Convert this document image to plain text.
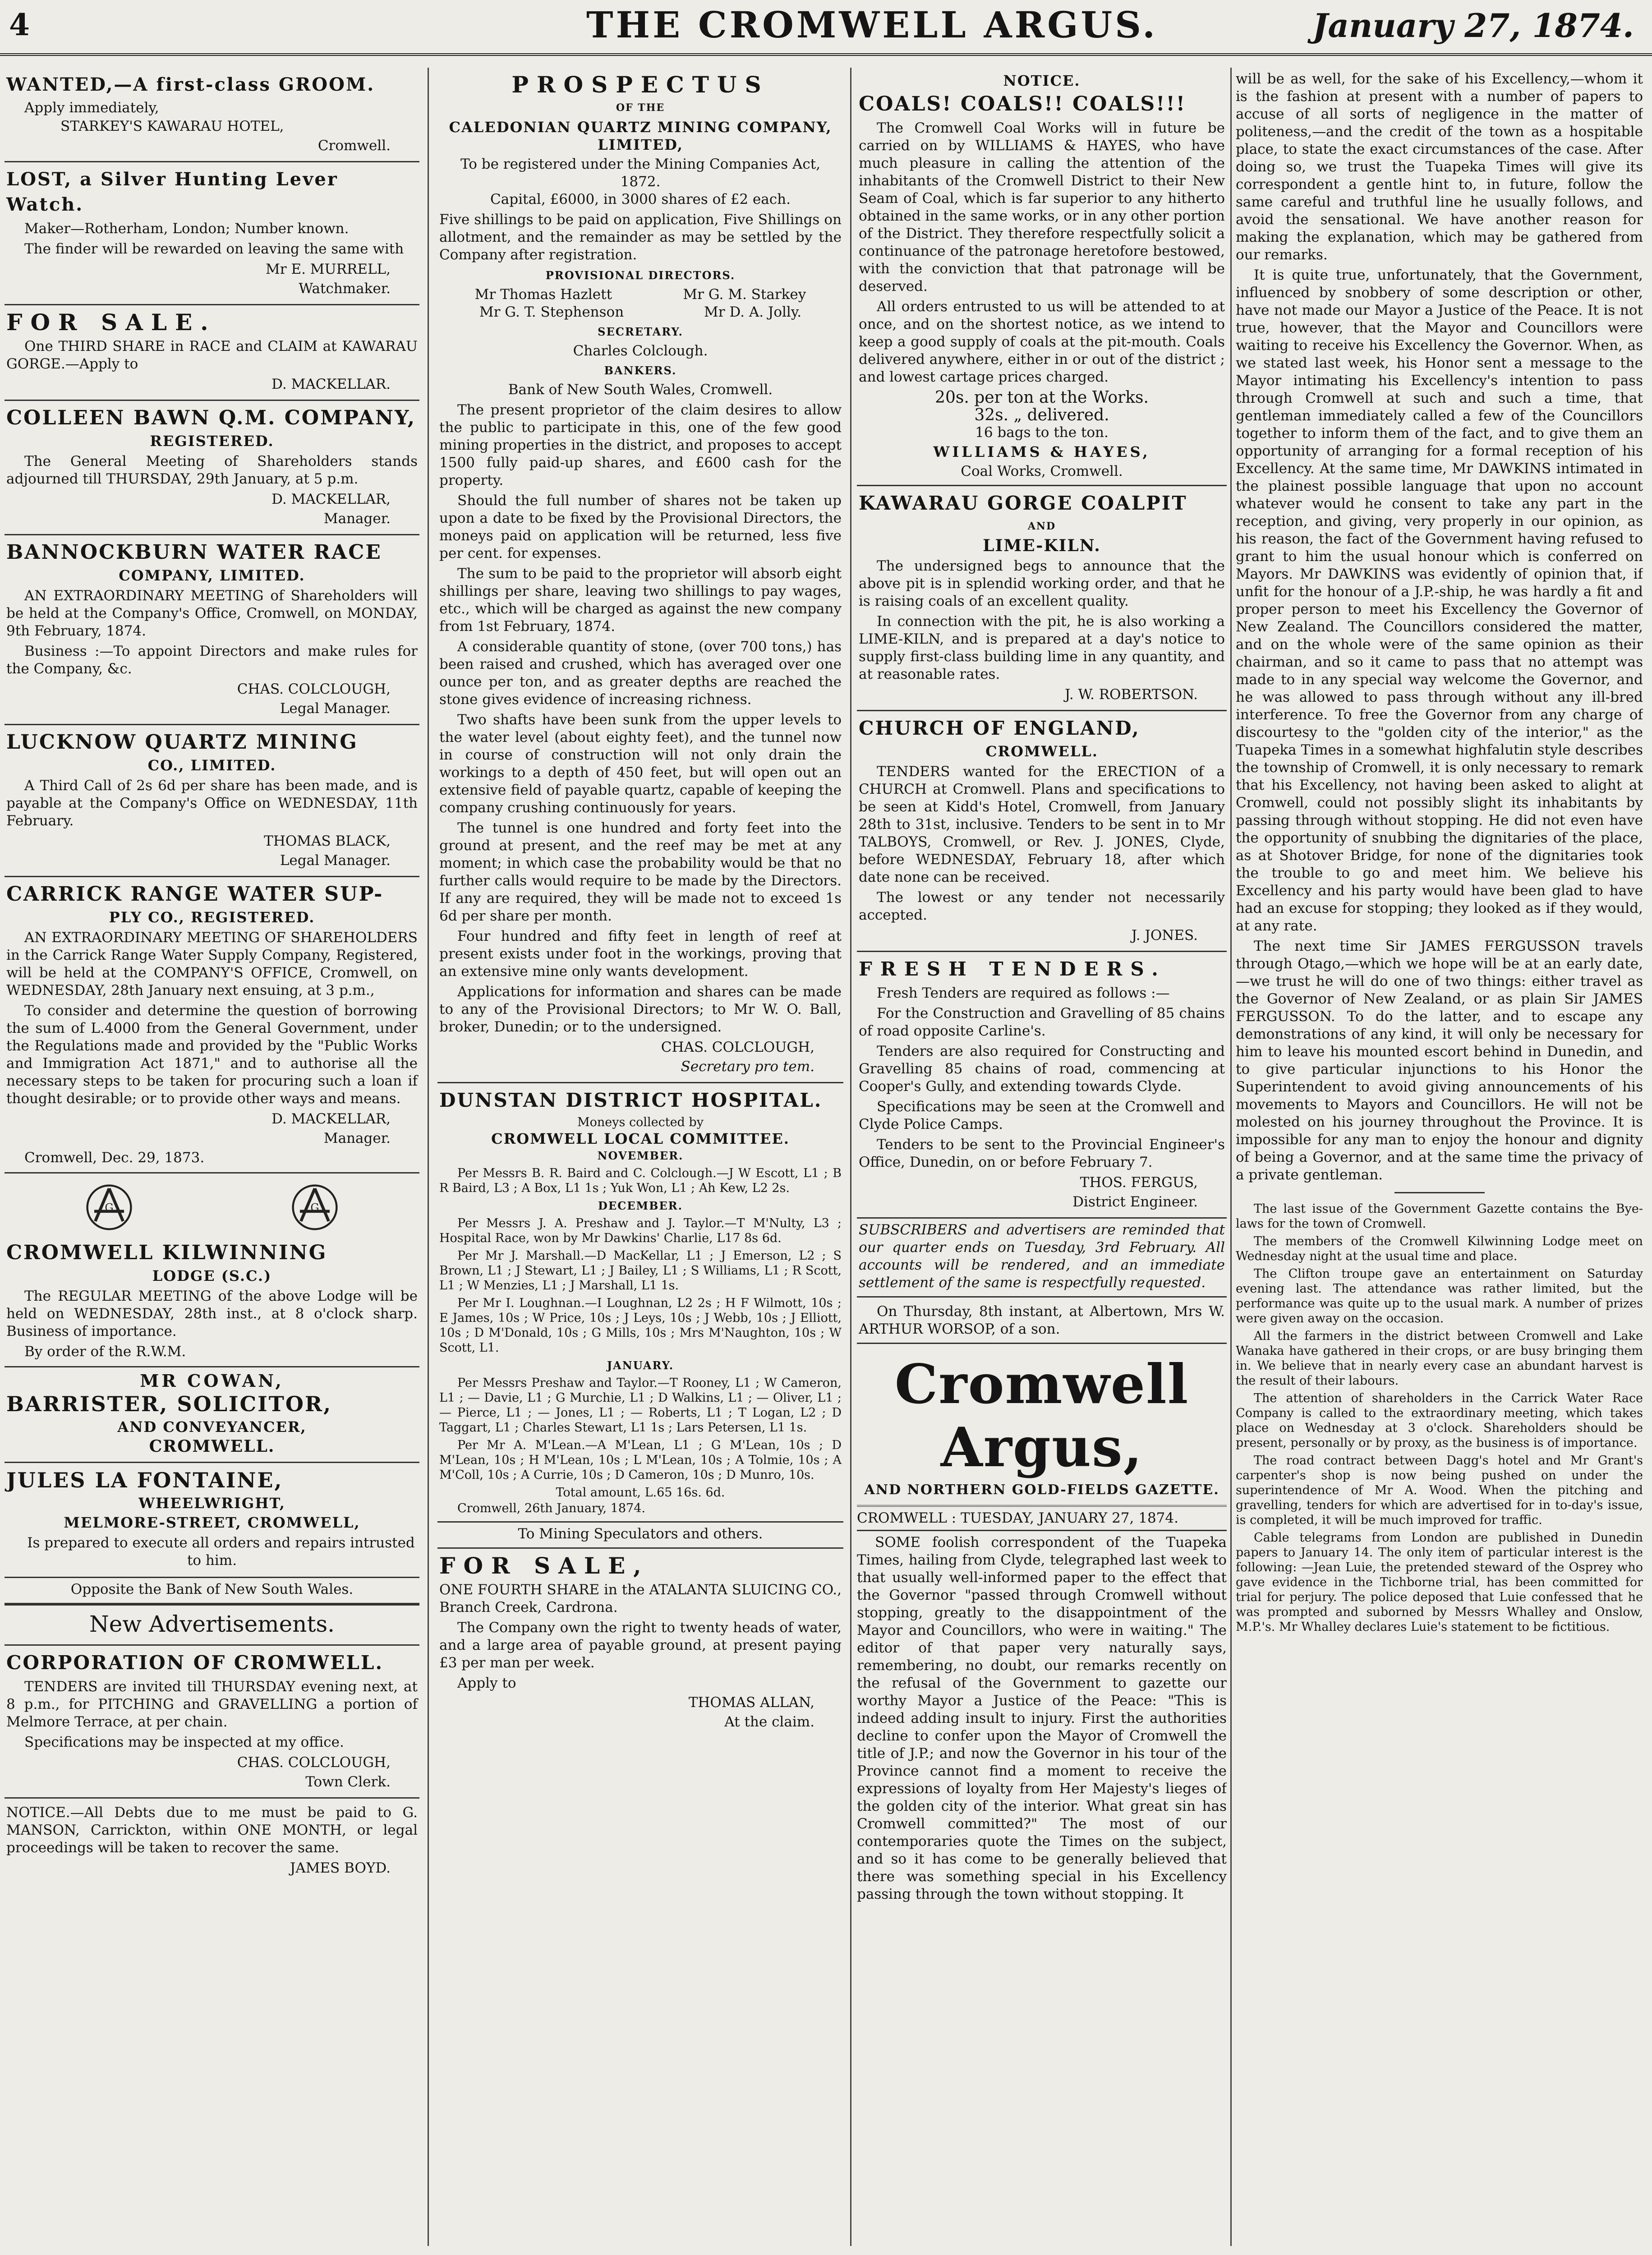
4	THE CROMWELL ARGUS.	January 27, 1874.
WANTED,—A first-class GROOM.
Apply immediately,
STARKEY'S KAWARAU HOTEL,
Cromwell.
LOST, a Silver Hunting Lever Watch.
Maker—Rotherham, London; Number known.
The finder will be rewarded on leaving the same with
Mr E. MURRELL,
Watchmaker.
FOR SALE.
One THIRD SHARE in RACE and CLAIM at KAWARAU GORGE.—Apply to
D. MACKELLAR.
COLLEEN BAWN Q.M. COMPANY,
REGISTERED.
The General Meeting of Shareholders stands adjourned till THURSDAY, 29th January, at 5 p.m.
D. MACKELLAR,
Manager.
BANNOCKBURN WATER RACE
COMPANY, LIMITED.
AN EXTRAORDINARY MEETING of Shareholders will be held at the Company's Office, Cromwell, on MONDAY, 9th February, 1874.
Business :—To appoint Directors and make rules for the Company, &c.
CHAS. COLCLOUGH,
Legal Manager.
LUCKNOW QUARTZ MINING
CO., LIMITED.
A Third Call of 2s 6d per share has been made, and is payable at the Company's Office on WEDNESDAY, 11th February.
THOMAS BLACK,
Legal Manager.
CARRICK RANGE WATER SUP-
PLY CO., REGISTERED.
AN EXTRAORDINARY MEETING OF SHAREHOLDERS in the Carrick Range Water Supply Company, Registered, will be held at the COMPANY'S OFFICE, Cromwell, on WEDNESDAY, 28th January next ensuing, at 3 p.m.,
To consider and determine the question of borrowing the sum of L.4000 from the General Government, under the Regulations made and provided by the "Public Works and Immigration Act 1871," and to authorise all the necessary steps to be taken for procuring such a loan if thought desirable; or to provide other ways and means.
D. MACKELLAR,
Manager.
Cromwell, Dec. 29, 1873.
G	G
CROMWELL KILWINNING
LODGE (S.C.)
The REGULAR MEETING of the above Lodge will be held on WEDNESDAY, 28th inst., at 8 o'clock sharp. Business of importance.
By order of the R.W.M.
MR COWAN,
BARRISTER, SOLICITOR,
AND CONVEYANCER,
CROMWELL.
JULES LA FONTAINE,
WHEELWRIGHT,
MELMORE-STREET, CROMWELL,
Is prepared to execute all orders and repairs intrusted to him.
Opposite the Bank of New South Wales.
New Advertisements.
CORPORATION OF CROMWELL.
TENDERS are invited till THURSDAY evening next, at 8 p.m., for PITCHING and GRAVELLING a portion of Melmore Terrace, at per chain.
Specifications may be inspected at my office.
CHAS. COLCLOUGH,
Town Clerk.
NOTICE.—All Debts due to me must be paid to G. MANSON, Carrickton, within ONE MONTH, or legal proceedings will be taken to recover the same.
JAMES BOYD.
PROSPECTUS
OF THE
CALEDONIAN QUARTZ MINING COMPANY, LIMITED,
To be registered under the Mining Companies Act, 1872.
Capital, £6000, in 3000 shares of £2 each.
Five shillings to be paid on application, Five Shillings on allotment, and the remainder as may be settled by the Company after registration.
PROVISIONAL DIRECTORS.
Mr Thomas Hazlett	Mr G. M. Starkey
Mr G. T. Stephenson	Mr D. A. Jolly.
SECRETARY.
Charles Colclough.
BANKERS.
Bank of New South Wales, Cromwell.
The present proprietor of the claim desires to allow the public to participate in this, one of the few good mining properties in the district, and proposes to accept 1500 fully paid-up shares, and £600 cash for the property.
Should the full number of shares not be taken up upon a date to be fixed by the Provisional Directors, the moneys paid on application will be returned, less five per cent. for expenses.
The sum to be paid to the proprietor will absorb eight shillings per share, leaving two shillings to pay wages, etc., which will be charged as against the new company from 1st February, 1874.
A considerable quantity of stone, (over 700 tons,) has been raised and crushed, which has averaged over one ounce per ton, and as greater depths are reached the stone gives evidence of increasing richness.
Two shafts have been sunk from the upper levels to the water level (about eighty feet), and the tunnel now in course of construction will not only drain the workings to a depth of 450 feet, but will open out an extensive field of payable quartz, capable of keeping the company crushing continuously for years.
The tunnel is one hundred and forty feet into the ground at present, and the reef may be met at any moment; in which case the probability would be that no further calls would require to be made by the Directors. If any are required, they will be made not to exceed 1s 6d per share per month.
Four hundred and fifty feet in length of reef at present exists under foot in the workings, proving that an extensive mine only wants development.
Applications for information and shares can be made to any of the Provisional Directors; to Mr W. O. Ball, broker, Dunedin; or to the undersigned.
CHAS. COLCLOUGH,
Secretary pro tem.
DUNSTAN DISTRICT HOSPITAL.
Moneys collected by
CROMWELL LOCAL COMMITTEE.
NOVEMBER.
Per Messrs B. R. Baird and C. Colclough.—J W Escott, L1 ; B R Baird, L3 ; A Box, L1 1s ; Yuk Won, L1 ; Ah Kew, L2 2s.
DECEMBER.
Per Messrs J. A. Preshaw and J. Taylor.—T M'Nulty, L3 ; Hospital Race, won by Mr Dawkins' Charlie, L17 8s 6d.
Per Mr J. Marshall.—D MacKellar, L1 ; J Emerson, L2 ; S Brown, L1 ; J Stewart, L1 ; J Bailey, L1 ; S Williams, L1 ; R Scott, L1 ; W Menzies, L1 ; J Marshall, L1 1s.
Per Mr I. Loughnan.—I Loughnan, L2 2s ; H F Wilmott, 10s ; E James, 10s ; W Price, 10s ; J Leys, 10s ; J Webb, 10s ; J Elliott, 10s ; D M'Donald, 10s ; G Mills, 10s ; Mrs M'Naughton, 10s ; W Scott, L1.
JANUARY.
Per Messrs Preshaw and Taylor.—T Rooney, L1 ; W Cameron, L1 ; — Davie, L1 ; G Murchie, L1 ; D Walkins, L1 ; — Oliver, L1 ; — Pierce, L1 ; — Jones, L1 ; — Roberts, L1 ; T Logan, L2 ; D Taggart, L1 ; Charles Stewart, L1 1s ; Lars Petersen, L1 1s.
Per Mr A. M'Lean.—A M'Lean, L1 ; G M'Lean, 10s ; D M'Lean, 10s ; H M'Lean, 10s ; L M'Lean, 10s ; A Tolmie, 10s ; A M'Coll, 10s ; A Currie, 10s ; D Cameron, 10s ; D Munro, 10s.
Total amount, L.65 16s. 6d.
Cromwell, 26th January, 1874.
To Mining Speculators and others.
FOR SALE,
ONE FOURTH SHARE in the ATALANTA SLUICING CO., Branch Creek, Cardrona.
The Company own the right to twenty heads of water, and a large area of payable ground, at present paying £3 per man per week.
Apply to
THOMAS ALLAN,
At the claim.
NOTICE.
COALS! COALS!! COALS!!!
The Cromwell Coal Works will in future be carried on by WILLIAMS & HAYES, who have much pleasure in calling the attention of the inhabitants of the Cromwell District to their New Seam of Coal, which is far superior to any hitherto obtained in the same works, or in any other portion of the District. They therefore respectfully solicit a continuance of the patronage heretofore bestowed, with the conviction that that patronage will be deserved.
All orders entrusted to us will be attended to at once, and on the shortest notice, as we intend to keep a good supply of coals at the pit-mouth. Coals delivered anywhere, either in or out of the district ; and lowest cartage prices charged.
20s. per ton at the Works.
32s. „ delivered.
16 bags to the ton.
WILLIAMS & HAYES,
Coal Works, Cromwell.
KAWARAU GORGE COALPIT
AND
LIME-KILN.
The undersigned begs to announce that the above pit is in splendid working order, and that he is raising coals of an excellent quality.
In connection with the pit, he is also working a LIME-KILN, and is prepared at a day's notice to supply first-class building lime in any quantity, and at reasonable rates.
J. W. ROBERTSON.
CHURCH OF ENGLAND,
CROMWELL.
TENDERS wanted for the ERECTION of a CHURCH at Cromwell. Plans and specifications to be seen at Kidd's Hotel, Cromwell, from January 28th to 31st, inclusive. Tenders to be sent in to Mr TALBOYS, Cromwell, or Rev. J. JONES, Clyde, before WEDNESDAY, February 18, after which date none can be received.
The lowest or any tender not necessarily accepted.
J. JONES.
FRESH TENDERS.
Fresh Tenders are required as follows :—
For the Construction and Gravelling of 85 chains of road opposite Carline's.
Tenders are also required for Constructing and Gravelling 85 chains of road, commencing at Cooper's Gully, and extending towards Clyde.
Specifications may be seen at the Cromwell and Clyde Police Camps.
Tenders to be sent to the Provincial Engineer's Office, Dunedin, on or before February 7.
THOS. FERGUS,
District Engineer.
SUBSCRIBERS and advertisers are reminded that our quarter ends on Tuesday, 3rd February. All accounts will be rendered, and an immediate settlement of the same is respectfully requested.
On Thursday, 8th instant, at Albertown, Mrs W. ARTHUR WORSOP, of a son.
Cromwell Argus,
AND NORTHERN GOLD-FIELDS GAZETTE.
CROMWELL : TUESDAY, JANUARY 27, 1874.
SOME foolish correspondent of the Tuapeka Times, hailing from Clyde, telegraphed last week to that usually well-informed paper to the effect that the Governor "passed through Cromwell without stopping, greatly to the disappointment of the Mayor and Councillors, who were in waiting." The editor of that paper very naturally says, remembering, no doubt, our remarks recently on the refusal of the Government to gazette our worthy Mayor a Justice of the Peace: "This is indeed adding insult to injury. First the authorities decline to confer upon the Mayor of Cromwell the title of J.P.; and now the Governor in his tour of the Province cannot find a moment to receive the expressions of loyalty from Her Majesty's lieges of the golden city of the interior. What great sin has Cromwell committed?" The most of our contemporaries quote the Times on the subject, and so it has come to be generally believed that there was something special in his Excellency passing through the town without stopping. It
will be as well, for the sake of his Excellency,—whom it is the fashion at present with a number of papers to accuse of all sorts of negligence in the matter of politeness,—and the credit of the town as a hospitable place, to state the exact circumstances of the case. After doing so, we trust the Tuapeka Times will give its correspondent a gentle hint to, in future, follow the same careful and truthful line he usually follows, and avoid the sensational. We have another reason for making the explanation, which may be gathered from our remarks.
It is quite true, unfortunately, that the Government, influenced by snobbery of some description or other, have not made our Mayor a Justice of the Peace. It is not true, however, that the Mayor and Councillors were waiting to receive his Excellency the Governor. When, as we stated last week, his Honor sent a message to the Mayor intimating his Excellency's intention to pass through Cromwell at such and such a time, that gentleman immediately called a few of the Councillors together to inform them of the fact, and to give them an opportunity of arranging for a formal reception of his Excellency. At the same time, Mr DAWKINS intimated in the plainest possible language that upon no account whatever would he consent to take any part in the reception, and giving, very properly in our opinion, as his reason, the fact of the Government having refused to grant to him the usual honour which is conferred on Mayors. Mr DAWKINS was evidently of opinion that, if unfit for the honour of a J.P.-ship, he was hardly a fit and proper person to meet his Excellency the Governor of New Zealand. The Councillors considered the matter, and on the whole were of the same opinion as their chairman, and so it came to pass that no attempt was made to in any special way welcome the Governor, and he was allowed to pass through without any ill-bred interference. To free the Governor from any charge of discourtesy to the "golden city of the interior," as the Tuapeka Times in a somewhat highfalutin style describes the township of Cromwell, it is only necessary to remark that his Excellency, not having been asked to alight at Cromwell, could not possibly slight its inhabitants by passing through without stopping. He did not even have the opportunity of snubbing the dignitaries of the place, as at Shotover Bridge, for none of the dignitaries took the trouble to go and meet him. We believe his Excellency and his party would have been glad to have had an excuse for stopping; they looked as if they would, at any rate.
The next time Sir JAMES FERGUSSON travels through Otago,—which we hope will be at an early date,—we trust he will do one of two things: either travel as the Governor of New Zealand, or as plain Sir JAMES FERGUSSON. To do the latter, and to escape any demonstrations of any kind, it will only be necessary for him to leave his mounted escort behind in Dunedin, and to give particular injunctions to his Honor the Superintendent to avoid giving announcements of his movements to Mayors and Councillors. He will not be molested on his journey throughout the Province. It is impossible for any man to enjoy the honour and dignity of being a Governor, and at the same time the privacy of a private gentleman.
The last issue of the Government Gazette contains the Bye-laws for the town of Cromwell.
The members of the Cromwell Kilwinning Lodge meet on Wednesday night at the usual time and place.
The Clifton troupe gave an entertainment on Saturday evening last. The attendance was rather limited, but the performance was quite up to the usual mark. A number of prizes were given away on the occasion.
All the farmers in the district between Cromwell and Lake Wanaka have gathered in their crops, or are busy bringing them in. We believe that in nearly every case an abundant harvest is the result of their labours.
The attention of shareholders in the Carrick Water Race Company is called to the extraordinary meeting, which takes place on Wednesday at 3 o'clock. Shareholders should be present, personally or by proxy, as the business is of importance.
The road contract between Dagg's hotel and Mr Grant's carpenter's shop is now being pushed on under the superintendence of Mr A. Wood. When the pitching and gravelling, tenders for which are advertised for in to-day's issue, is completed, it will be much improved for traffic.
Cable telegrams from London are published in Dunedin papers to January 14. The only item of particular interest is the following: —Jean Luie, the pretended steward of the Osprey who gave evidence in the Tichborne trial, has been committed for trial for perjury. The police deposed that Luie confessed that he was prompted and suborned by Messrs Whalley and Onslow, M.P.'s. Mr Whalley declares Luie's statement to be fictitious.
